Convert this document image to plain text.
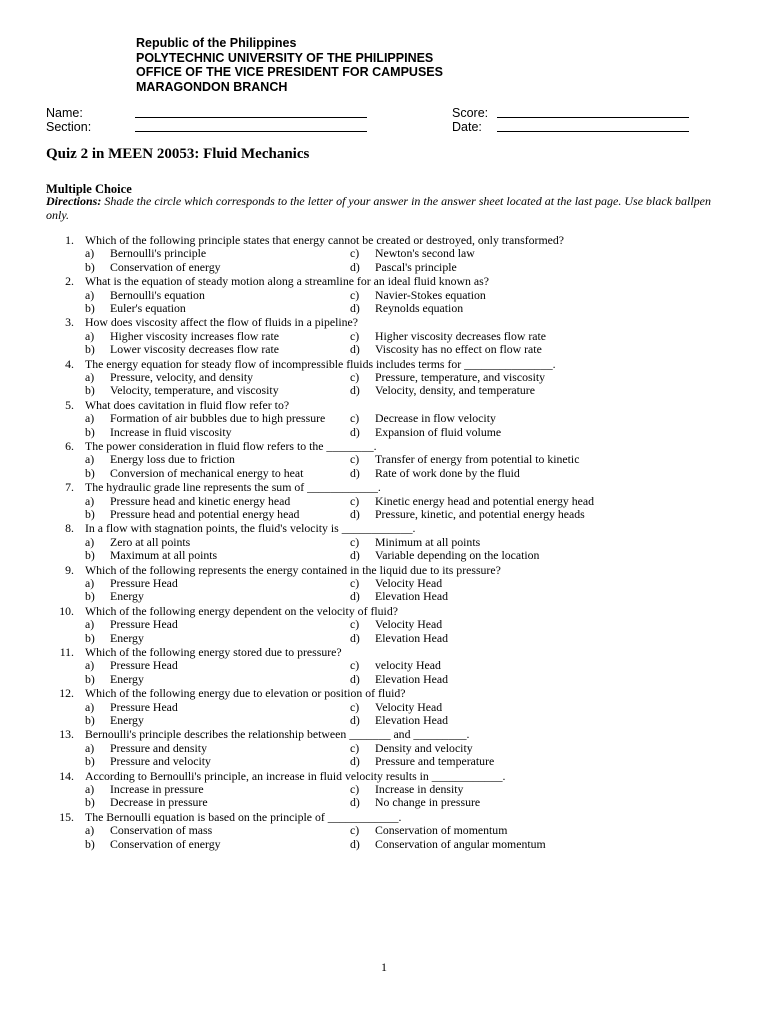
Republic of the Philippines
POLYTECHNIC UNIVERSITY OF THE PHILIPPINES
OFFICE OF THE VICE PRESIDENT FOR CAMPUSES
MARAGONDON BRANCH
Name:
Section:
Score:
Date:
Quiz 2 in MEEN 20053: Fluid Mechanics
Multiple Choice
Directions: Shade the circle which corresponds to the letter of your answer in the answer sheet located at the last page. Use black ballpen only.
1. Which of the following principle states that energy cannot be created or destroyed, only transformed?
a)	Bernoulli's principle	c)	Newton's second law
b)	Conservation of energy	d)	Pascal's principle
2. What is the equation of steady motion along a streamline for an ideal fluid known as?
a)	Bernoulli's equation	c)	Navier-Stokes equation
b)	Euler's equation	d)	Reynolds equation
3. How does viscosity affect the flow of fluids in a pipeline?
a)	Higher viscosity increases flow rate	c)	Higher viscosity decreases flow rate
b)	Lower viscosity decreases flow rate	d)	Viscosity has no effect on flow rate
4. The energy equation for steady flow of incompressible fluids includes terms for _______________.
a)	Pressure, velocity, and density	c)	Pressure, temperature, and viscosity
b)	Velocity, temperature, and viscosity	d)	Velocity, density, and temperature
5. What does cavitation in fluid flow refer to?
a)	Formation of air bubbles due to high pressure	c)	Decrease in flow velocity
b)	Increase in fluid viscosity	d)	Expansion of fluid volume
6. The power consideration in fluid flow refers to the ________.
a)	Energy loss due to friction	c)	Transfer of energy from potential to kinetic
b)	Conversion of mechanical energy to heat	d)	Rate of work done by the fluid
7. The hydraulic grade line represents the sum of ____________.
a)	Pressure head and kinetic energy head	c)	Kinetic energy head and potential energy head
b)	Pressure head and potential energy head	d)	Pressure, kinetic, and potential energy heads
8. In a flow with stagnation points, the fluid's velocity is ____________.
a)	Zero at all points	c)	Minimum at all points
b)	Maximum at all points	d)	Variable depending on the location
9. Which of the following represents the energy contained in the liquid due to its pressure?
a)	Pressure Head	c)	Velocity Head
b)	Energy	d)	Elevation Head
10. Which of the following energy dependent on the velocity of fluid?
a)	Pressure Head	c)	Velocity Head
b)	Energy	d)	Elevation Head
11. Which of the following energy stored due to pressure?
a)	Pressure Head	c)	velocity Head
b)	Energy	d)	Elevation Head
12. Which of the following energy due to elevation or position of fluid?
a)	Pressure Head	c)	Velocity Head
b)	Energy	d)	Elevation Head
13. Bernoulli's principle describes the relationship between _______ and _________.
a)	Pressure and density	c)	Density and velocity
b)	Pressure and velocity	d)	Pressure and temperature
14. According to Bernoulli's principle, an increase in fluid velocity results in ____________.
a)	Increase in pressure	c)	Increase in density
b)	Decrease in pressure	d)	No change in pressure
15. The Bernoulli equation is based on the principle of ____________.
a)	Conservation of mass	c)	Conservation of momentum
b)	Conservation of energy	d)	Conservation of angular momentum
1
